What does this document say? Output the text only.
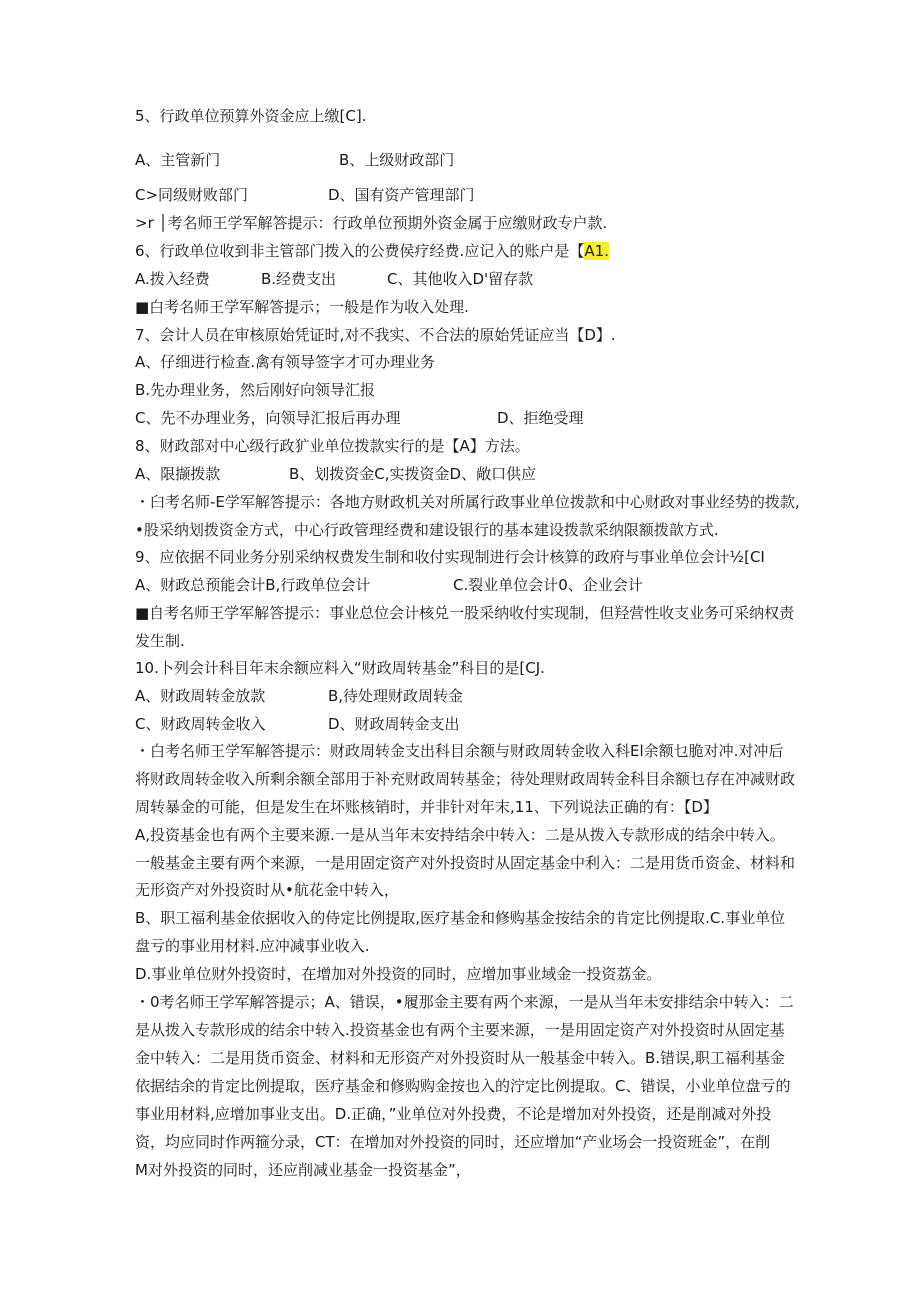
5、行政单位预算外资金应上缴[C].
A、主管新门	B、上级财政部门
C>同级财败部门	D、国有资产管理部门
>r │考名师王学军解答提示：行政单位预期外资金属于应缴财政专户款.
6、行政单位收到非主管部门拨入的公费侯疗经费.应记入的账户是【A1.
A.拨入经费	B.经费支出	C、其他收入D'留存款
■白考名师王学军解答提示；一般是作为收入处理.
7、会计人员在审核原始凭证时,对不我实、不合法的原始凭证应当【D】.
A、仔细进行检查.禽有领导签字才可办理业务
B.先办理业务，然后刚好向领导汇报
C、先不办理业务，向领导汇报后再办理	D、拒绝受理
8、财政部对中心级行政犷业单位拨款实行的是【A】方法。
A、限撷拨款	B、划拨资金C,实拨资金D、敞口供应
・臼考名师-E学军解答提示：各地方财政机关对所属行政事业单位拨款和中心财政对事业经势的拨款,
•股采纳划拨资金方式，中心行政管理经费和建设银行的基本建设拨款采纳限额拨歆方式.
9、应依据不同业务分别采纳权费发生制和收付实现制进行会计核算的政府与事业单位会计½[CI
A、财政总预能会计B,行政单位会计	C.裂业单位会计0、企业会计
■自考名师王学军解答提示：事业总位会计核兑一股采纳收付实现制，但羟营性收支业务可采纳权责
发生制.
10.卜列会计科目年末余额应料入“财政周转基金”科目的是[CJ.
A、财政周转金放款	B,待处理财政周转金
C、财政周转金收入	D、财政周转金支出
・白考名师王学军解答提示：财政周转金支出科目余额与财政周转金收入科El余额乜脆对冲.对冲后
将财政周转金收入所剩余额全部用于补充财政周转基金；待处理财政周转金科目余额乜存在冲减财政
周转暴金的可能，但是发生在坏账核销时，并非针对年末,11、下列说法正确的有：【D】
A,投资基金也有两个主要来源.一是从当年末安持结余中转入：二是从拨入专款形成的结余中转入。
一般基金主要有两个来源，一是用固定资产对外投资时从固定基金中利入：二是用货币资金、材料和
无形资产对外投资时从•航花金中转入，
B、职工福利基金依据收入的侍定比例提取,医疗基金和修购基金按结余的肯定比例提取.C.事业单位
盘亏的事业用材料.应冲减事业收入.
D.事业单位财外投资时，在增加对外投资的同时，应增加事业域金一投资荔金。
・0考名师王学军解答提示；A、错误，•履那金主要有两个来源，一是从当年未安排结余中转入：二
是从拨入专款形成的结余中转入.投资基金也有两个主要来源，一是用固定资产对外投资时从固定基
金中转入：二是用货币资金、材料和无形资产对外投资时从一般基金中转入。B.错误,职工福利基金
依据结余的肯定比例提取，医疗基金和修购购金按也入的泞定比例提取。C、错误，小业单位盘亏的
事业用材料,应增加事业支出。D.正确，”业单位对外投费，不论是增加对外投资，还是削减对外投
资，均应同时作两箍分录，CT：在增加对外投资的同时，还应增加“产业场会一投资班金”，在削
M对外投资的同时，还应削减业基金一投资基金”，
